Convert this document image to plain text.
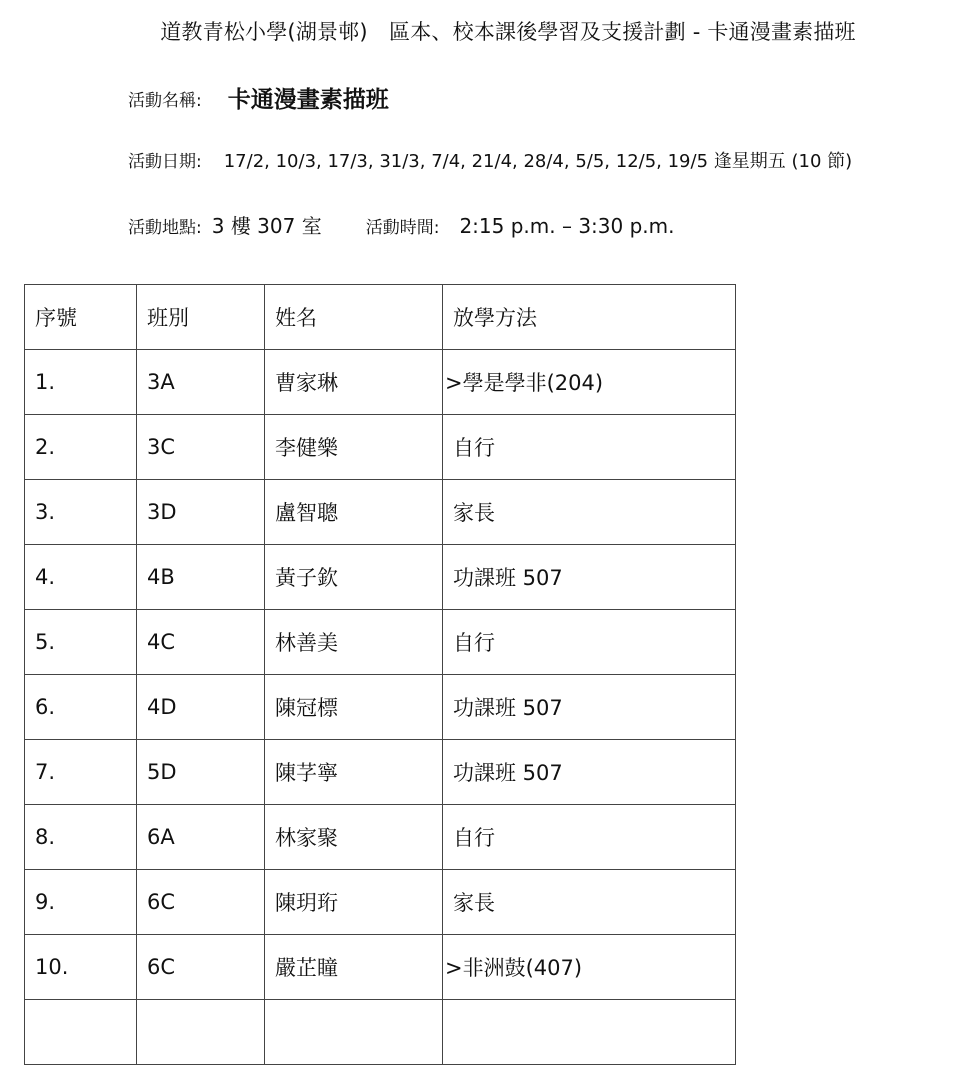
道教青松小學(湖景邨)　區本、校本課後學習及支援計劃 - 卡通漫畫素描班
活動名稱: 卡通漫畫素描班
活動日期: 17/2, 10/3, 17/3, 31/3, 7/4, 21/4, 28/4, 5/5, 12/5, 19/5 逢星期五 (10 節)
活動地點: 3 樓 307 室	活動時間: 2:15 p.m. – 3:30 p.m.
序號	班別	姓名	放學方法
1.	3A	曹家琳	>學是學非(204)
2.	3C	李健樂	自行
3.	3D	盧智聰	家長
4.	4B	黃子欽	功課班 507
5.	4C	林善美	自行
6.	4D	陳冠標	功課班 507
7.	5D	陳芓寧	功課班 507
8.	6A	林家聚	自行
9.	6C	陳玥珩	家長
10.	6C	嚴芷瞳	>非洲鼓(407)
